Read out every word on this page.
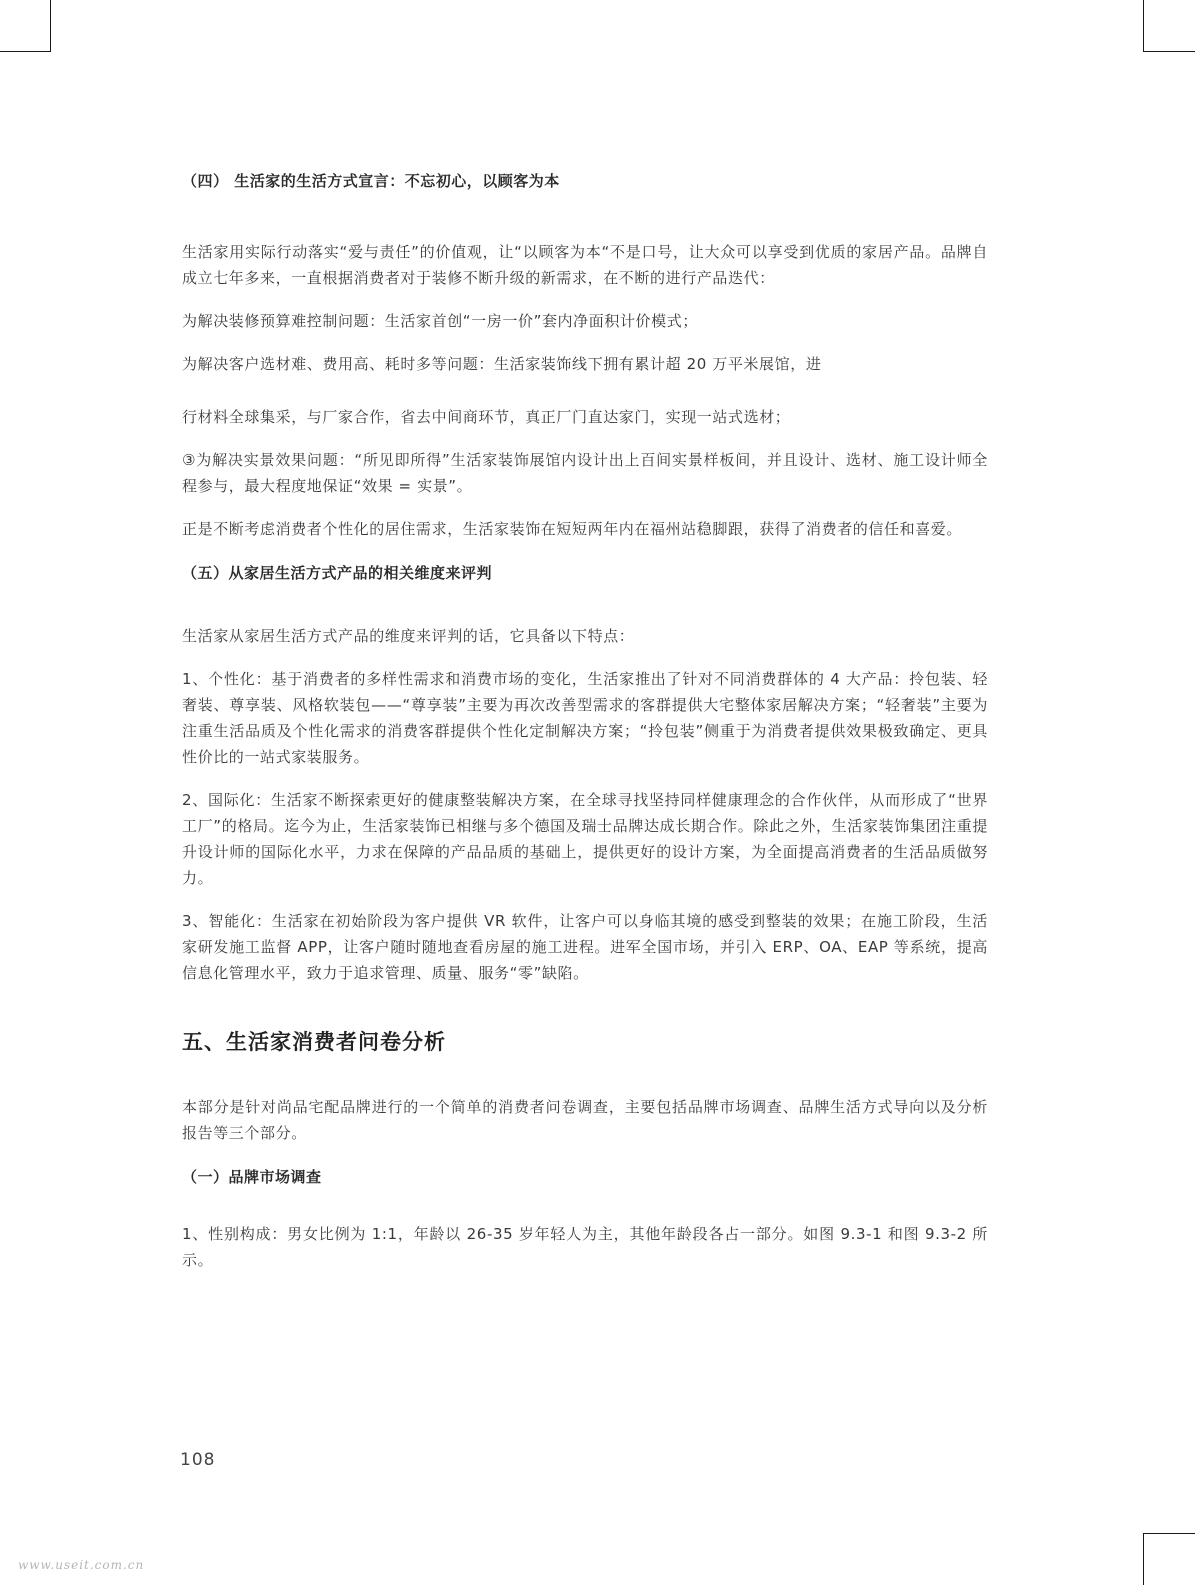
（四） 生活家的生活方式宣言：不忘初心，以顾客为本

生活家用实际行动落实“爱与责任”的价值观，让“以顾客为本“不是口号，让大众可以享受到优质的家居产品。品牌自成立七年多来，一直根据消费者对于装修不断升级的新需求，在不断的进行产品迭代：

为解决装修预算难控制问题：生活家首创“一房一价”套内净面积计价模式；

为解决客户选材难、费用高、耗时多等问题：生活家装饰线下拥有累计超 20 万平米展馆，进

行材料全球集采，与厂家合作，省去中间商环节，真正厂门直达家门，实现一站式选材；

③为解决实景效果问题：“所见即所得”生活家装饰展馆内设计出上百间实景样板间，并且设计、选材、施工设计师全程参与，最大程度地保证“效果 = 实景”。

正是不断考虑消费者个性化的居住需求，生活家装饰在短短两年内在福州站稳脚跟，获得了消费者的信任和喜爱。

（五）从家居生活方式产品的相关维度来评判

生活家从家居生活方式产品的维度来评判的话，它具备以下特点：

1、个性化：基于消费者的多样性需求和消费市场的变化，生活家推出了针对不同消费群体的 4 大产品：拎包装、轻奢装、尊享装、风格软装包——“尊享装”主要为再次改善型需求的客群提供大宅整体家居解决方案；“轻奢装”主要为注重生活品质及个性化需求的消费客群提供个性化定制解决方案；“拎包装”侧重于为消费者提供效果极致确定、更具性价比的一站式家装服务。

2、国际化：生活家不断探索更好的健康整装解决方案，在全球寻找坚持同样健康理念的合作伙伴，从而形成了“世界工厂”的格局。迄今为止，生活家装饰已相继与多个德国及瑞士品牌达成长期合作。除此之外，生活家装饰集团注重提升设计师的国际化水平，力求在保障的产品品质的基础上，提供更好的设计方案，为全面提高消费者的生活品质做努力。

3、智能化：生活家在初始阶段为客户提供 VR 软件，让客户可以身临其境的感受到整装的效果；在施工阶段，生活家研发施工监督 APP，让客户随时随地查看房屋的施工进程。进军全国市场，并引入 ERP、OA、EAP 等系统，提高信息化管理水平，致力于追求管理、质量、服务“零”缺陷。

五、生活家消费者问卷分析

本部分是针对尚品宅配品牌进行的一个简单的消费者问卷调查，主要包括品牌市场调查、品牌生活方式导向以及分析报告等三个部分。

（一）品牌市场调查

1、性别构成：男女比例为 1:1，年龄以 26-35 岁年轻人为主，其他年龄段各占一部分。如图 9.3-1 和图 9.3-2 所示。

108
www.useit.com.cn
